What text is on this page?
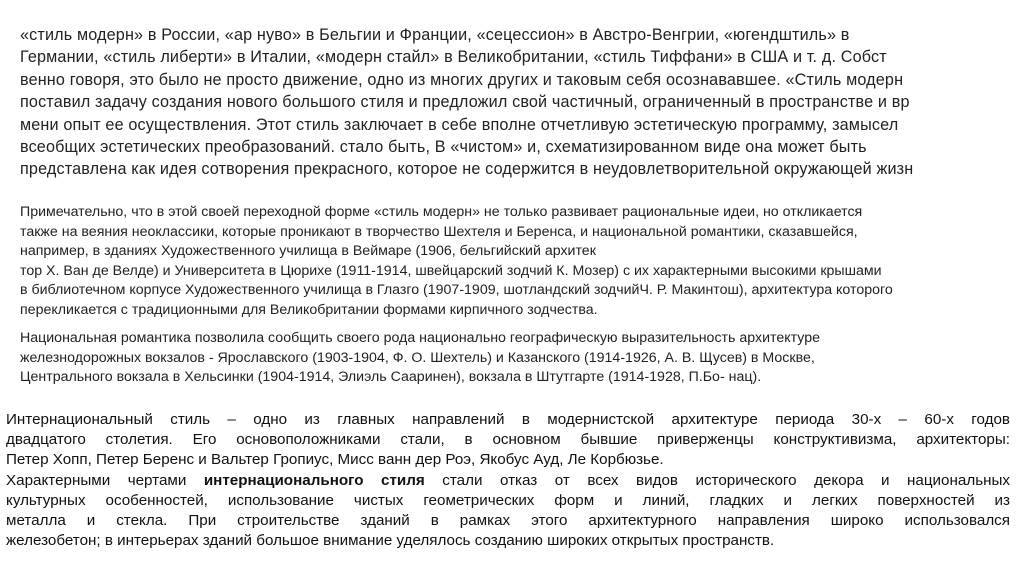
«стиль модерн» в России, «ар нуво» в Бельгии и Франции, «сецессион» в Австро-Венгрии, «югендштиль» в
Германии, «стиль либерти» в Италии, «модерн стайл» в Великобритании, «стиль Тиффани» в США и т. д. Собст
венно говоря, это было не просто движение, одно из многих других и таковым себя осознававшее. «Стиль модерн
поставил задачу создания нового большого стиля и предложил свой частичный, ограниченный в пространстве и вр
мени опыт ее осуществления. Этот стиль заключает в себе вполне отчетливую эстетическую программу, замысел
всеобщих эстетических преобразований. стало быть, В «чистом» и, схематизированном виде она может быть
представлена как идея сотворения прекрасного, которое не содержится в неудовлетворительной окружающей жизн
Примечательно, что в этой своей переходной форме «стиль модерн» не только развивает рациональные идеи, но откликается
также на веяния неоклассики, которые проникают в творчество Шехтеля и Беренса, и национальной романтики, сказавшейся,
например, в зданиях Художественного училища в Веймаре (1906, бельгийский архитек
тор Х. Ван де Велде) и Университета в Цюрихе (1911-1914, швейцарский зодчий К. Мозер) с их характерными высокими крышами
в библиотечном корпусе Художественного училища в Глазго (1907-1909, шотландский зодчийЧ. Р. Макинтош), архитектура которого
перекликается с традиционными для Великобритании формами кирпичного зодчества.
Национальная романтика позволила сообщить своего рода национально географическую выразительность архитектуре
железнодорожных вокзалов - Ярославского (1903-1904, Ф. О. Шехтель) и Казанского (1914-1926, А. В. Щусев) в Москве,
Центрального вокзала в Хельсинки (1904-1914, Элиэль Сааринен), вокзала в Штутгарте (1914-1928, П.Бо- нац).
Интернациональный стиль – одно из главных направлений в модернистской архитектуре периода 30-х – 60-х годов
двадцатого столетия. Его основоположниками стали, в основном бывшие приверженцы конструктивизма, архитекторы:
Петер Хопп, Петер Беренс и Вальтер Гропиус, Мисс ванн дер Роэ, Якобус Ауд, Ле Корбюзье.
Характерными чертами интернационального стиля стали отказ от всех видов исторического декора и национальных
культурных особенностей, использование чистых геометрических форм и линий, гладких и легких поверхностей из
металла и стекла. При строительстве зданий в рамках этого архитектурного направления широко использовался
железобетон; в интерьерах зданий большое внимание уделялось созданию широких открытых пространств.
